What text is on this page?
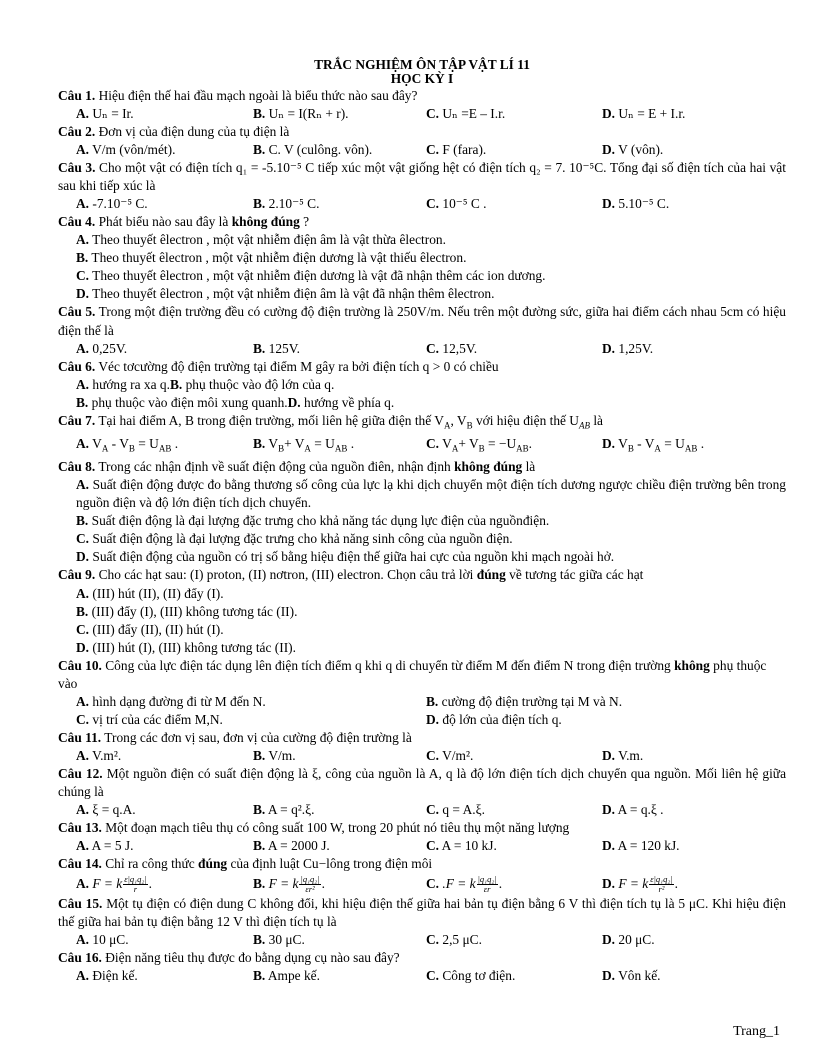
TRẮC NGHIỆM ÔN TẬP VẬT LÍ 11
HỌC KỲ I
Câu 1. Hiệu điện thế hai đầu mạch ngoài là biểu thức nào sau đây?
A. Uₙ = Ir.	B. Uₙ = I(Rₙ + r).	C. Uₙ =E – I.r.	D. Uₙ = E + I.r.
Câu 2. Đơn vị của điện dung của tụ điện là
A. V/m (vôn/mét).	B. C. V (culông. vôn).	C. F (fara).	D. V (vôn).
Câu 3. Cho một vật có điện tích q₁ = -5.10⁻⁵ C tiếp xúc một vật giống hệt có điện tích q₂ = 7. 10⁻⁵C. Tổng đại số điện tích của hai vật sau khi tiếp xúc là
A. -7.10⁻⁵ C.	B. 2.10⁻⁵ C.	C. 10⁻⁵ C .	D. 5.10⁻⁵ C.
Câu 4. Phát biểu nào sau đây là không đúng ?
A. Theo thuyết êlectron , một vật nhiễm điện âm là vật thừa êlectron.
B. Theo thuyết êlectron , một vật nhiễm điện dương là vật thiếu êlectron.
C. Theo thuyết êlectron , một vật nhiễm điện dương là vật đã nhận thêm các ion dương.
D. Theo thuyết êlectron , một vật nhiễm điện âm là vật đã nhận thêm êlectron.
Câu 5. Trong một điện trường đều có cường độ điện trường là 250V/m. Nếu trên một đường sức, giữa hai điểm cách nhau 5cm có hiệu điện thế là
A. 0,25V.	B. 125V.	C. 12,5V.	D. 1,25V.
Câu 6. Véc tơcường độ điện trường tại điểm M gây ra bởi điện tích q > 0 có chiều
A. hướng ra xa q.B. phụ thuộc vào độ lớn của q.
B. phụ thuộc vào điện môi xung quanh.D. hướng về phía q.
Câu 7. Tại hai điểm A, B trong điện trường, mối liên hệ giữa điện thế $V_A$, $V_B$ với hiệu điện thế $U_{AB}$ là
A. $V_A - V_B = U_{AB}$ .	B. $V_B+ V_A = U_{AB}$ .	C. $V_A+ V_B = -U_{AB}$.	D. $V_B - V_A = U_{AB}$ .
Câu 8. Trong các nhận định về suất điện động của nguồn điên, nhận định không đúng là
A. Suất điện động được đo bằng thương số công của lực lạ khi dịch chuyển một điện tích dương ngược chiều điện trường bên trong nguồn điện và độ lớn điện tích dịch chuyển.
B. Suất điện động là đại lượng đặc trưng cho khả năng tác dụng lực điện của nguồnđiện.
C. Suất điện động là đại lượng đặc trưng cho khả năng sinh công của nguồn điện.
D. Suất điện động của nguồn có trị số bằng hiệu điện thế giữa hai cực của nguồn khi mạch ngoài hở.
Câu 9. Cho các hạt sau: (I) proton, (II) nơtron, (III) electron. Chọn câu trả lời đúng về tương tác giữa các hạt
A. (III) hút (II), (II) đẩy (I).
B. (III) đẩy (I), (III) không tương tác (II).
C. (III) đẩy (II), (II) hút (I).
D. (III) hút (I), (III) không tương tác (II).
Câu 10. Công của lực điện tác dụng lên điện tích điểm q khi q di chuyển từ điểm M đến điểm N trong điện trường không phụ thuộc vào
A. hình dạng đường đi từ M đến N.	B. cường độ điện trường tại M và N.
C. vị trí của các điểm M,N.	D. độ lớn của điện tích q.
Câu 11. Trong các đơn vị sau, đơn vị của cường độ điện trường là
A. V.m².	B. V/m.	C. V/m².	D. V.m.
Câu 12. Một nguồn điện có suất điện động là ξ, công của nguồn là A, q là độ lớn điện tích dịch chuyển qua nguồn. Mối liên hệ giữa chúng là
A. ξ = q.A.	B. A = q².ξ.	C. q = A.ξ.	D. A = q.ξ .
Câu 13. Một đoạn mạch tiêu thụ có công suất 100 W, trong 20 phút nó tiêu thụ một năng lượng
A. A = 5 J.	B. A = 2000 J.	C. A = 10 kJ.	D. A = 120 kJ.
Câu 14. Chỉ ra công thức đúng của định luật Cu−lông trong điện môi
A. F = k $\frac{\text{ε|q₁q₂|}}{r}$ .	B. F = k $\frac{\text{|q₁q₂|}}{\text{εr²}}$ .	C. .F = k $\frac{\text{|q₁q₂|}}{\varepsilon r}$ .	D. F = k $\frac{\text{ε|q₁q₂|}}{\text{r²}}$ .
Câu 15. Một tụ điện có điện dung C không đổi, khi hiệu điện thế giữa hai bản tụ điện bằng 6 V thì điện tích tụ là 5 μC. Khi hiệu điện thế giữa hai bản tụ điện bằng 12 V thì điện tích tụ là
A. 10 μC.	B. 30 μC.	C. 2,5 μC.	D. 20 μC.
Câu 16. Điện năng tiêu thụ được đo bằng dụng cụ nào sau đây?
A. Điện kế.	B. Ampe kế.	C. Công tơ điện.	D. Vôn kế.
Trang_1
